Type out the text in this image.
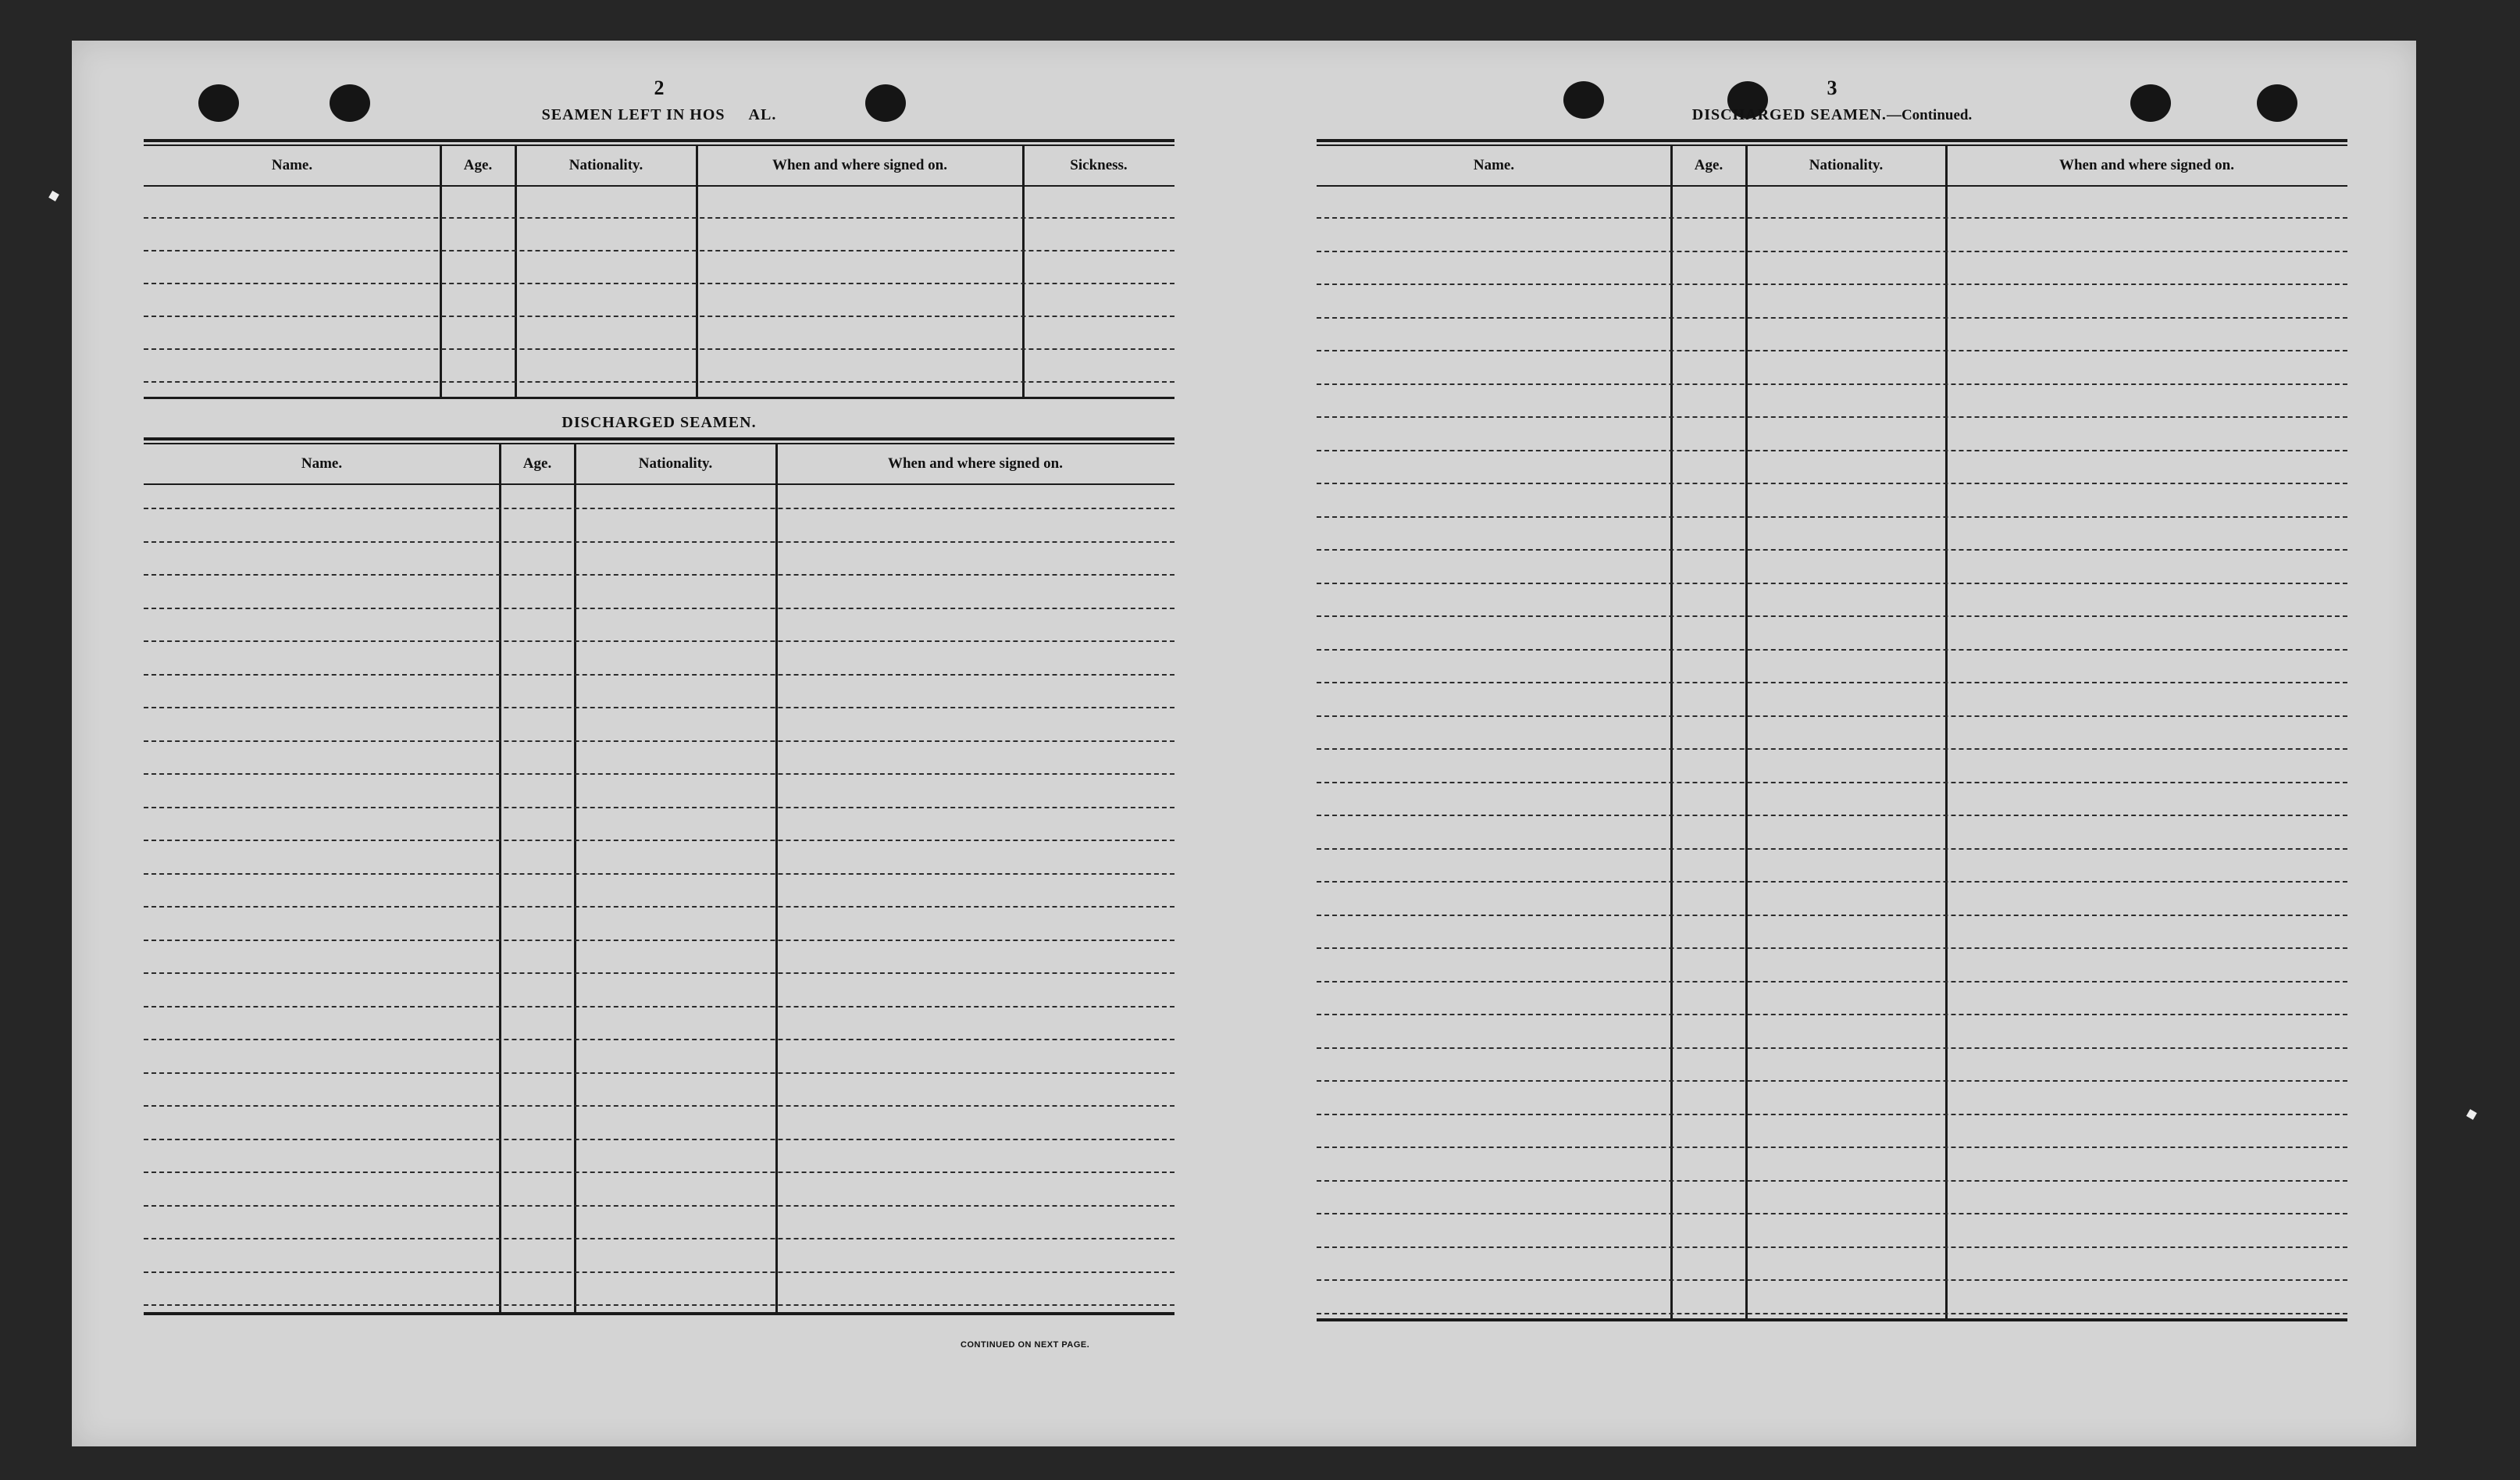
2
SEAMEN LEFT IN HOS AL.
Name.	Age.	Nationality.	When and where signed on.	Sickness.
DISCHARGED SEAMEN.
Name.	Age.	Nationality.	When and where signed on.
CONTINUED ON NEXT PAGE.
3
DISCHARGED SEAMEN.—Continued.
Name.	Age.	Nationality.	When and where signed on.
